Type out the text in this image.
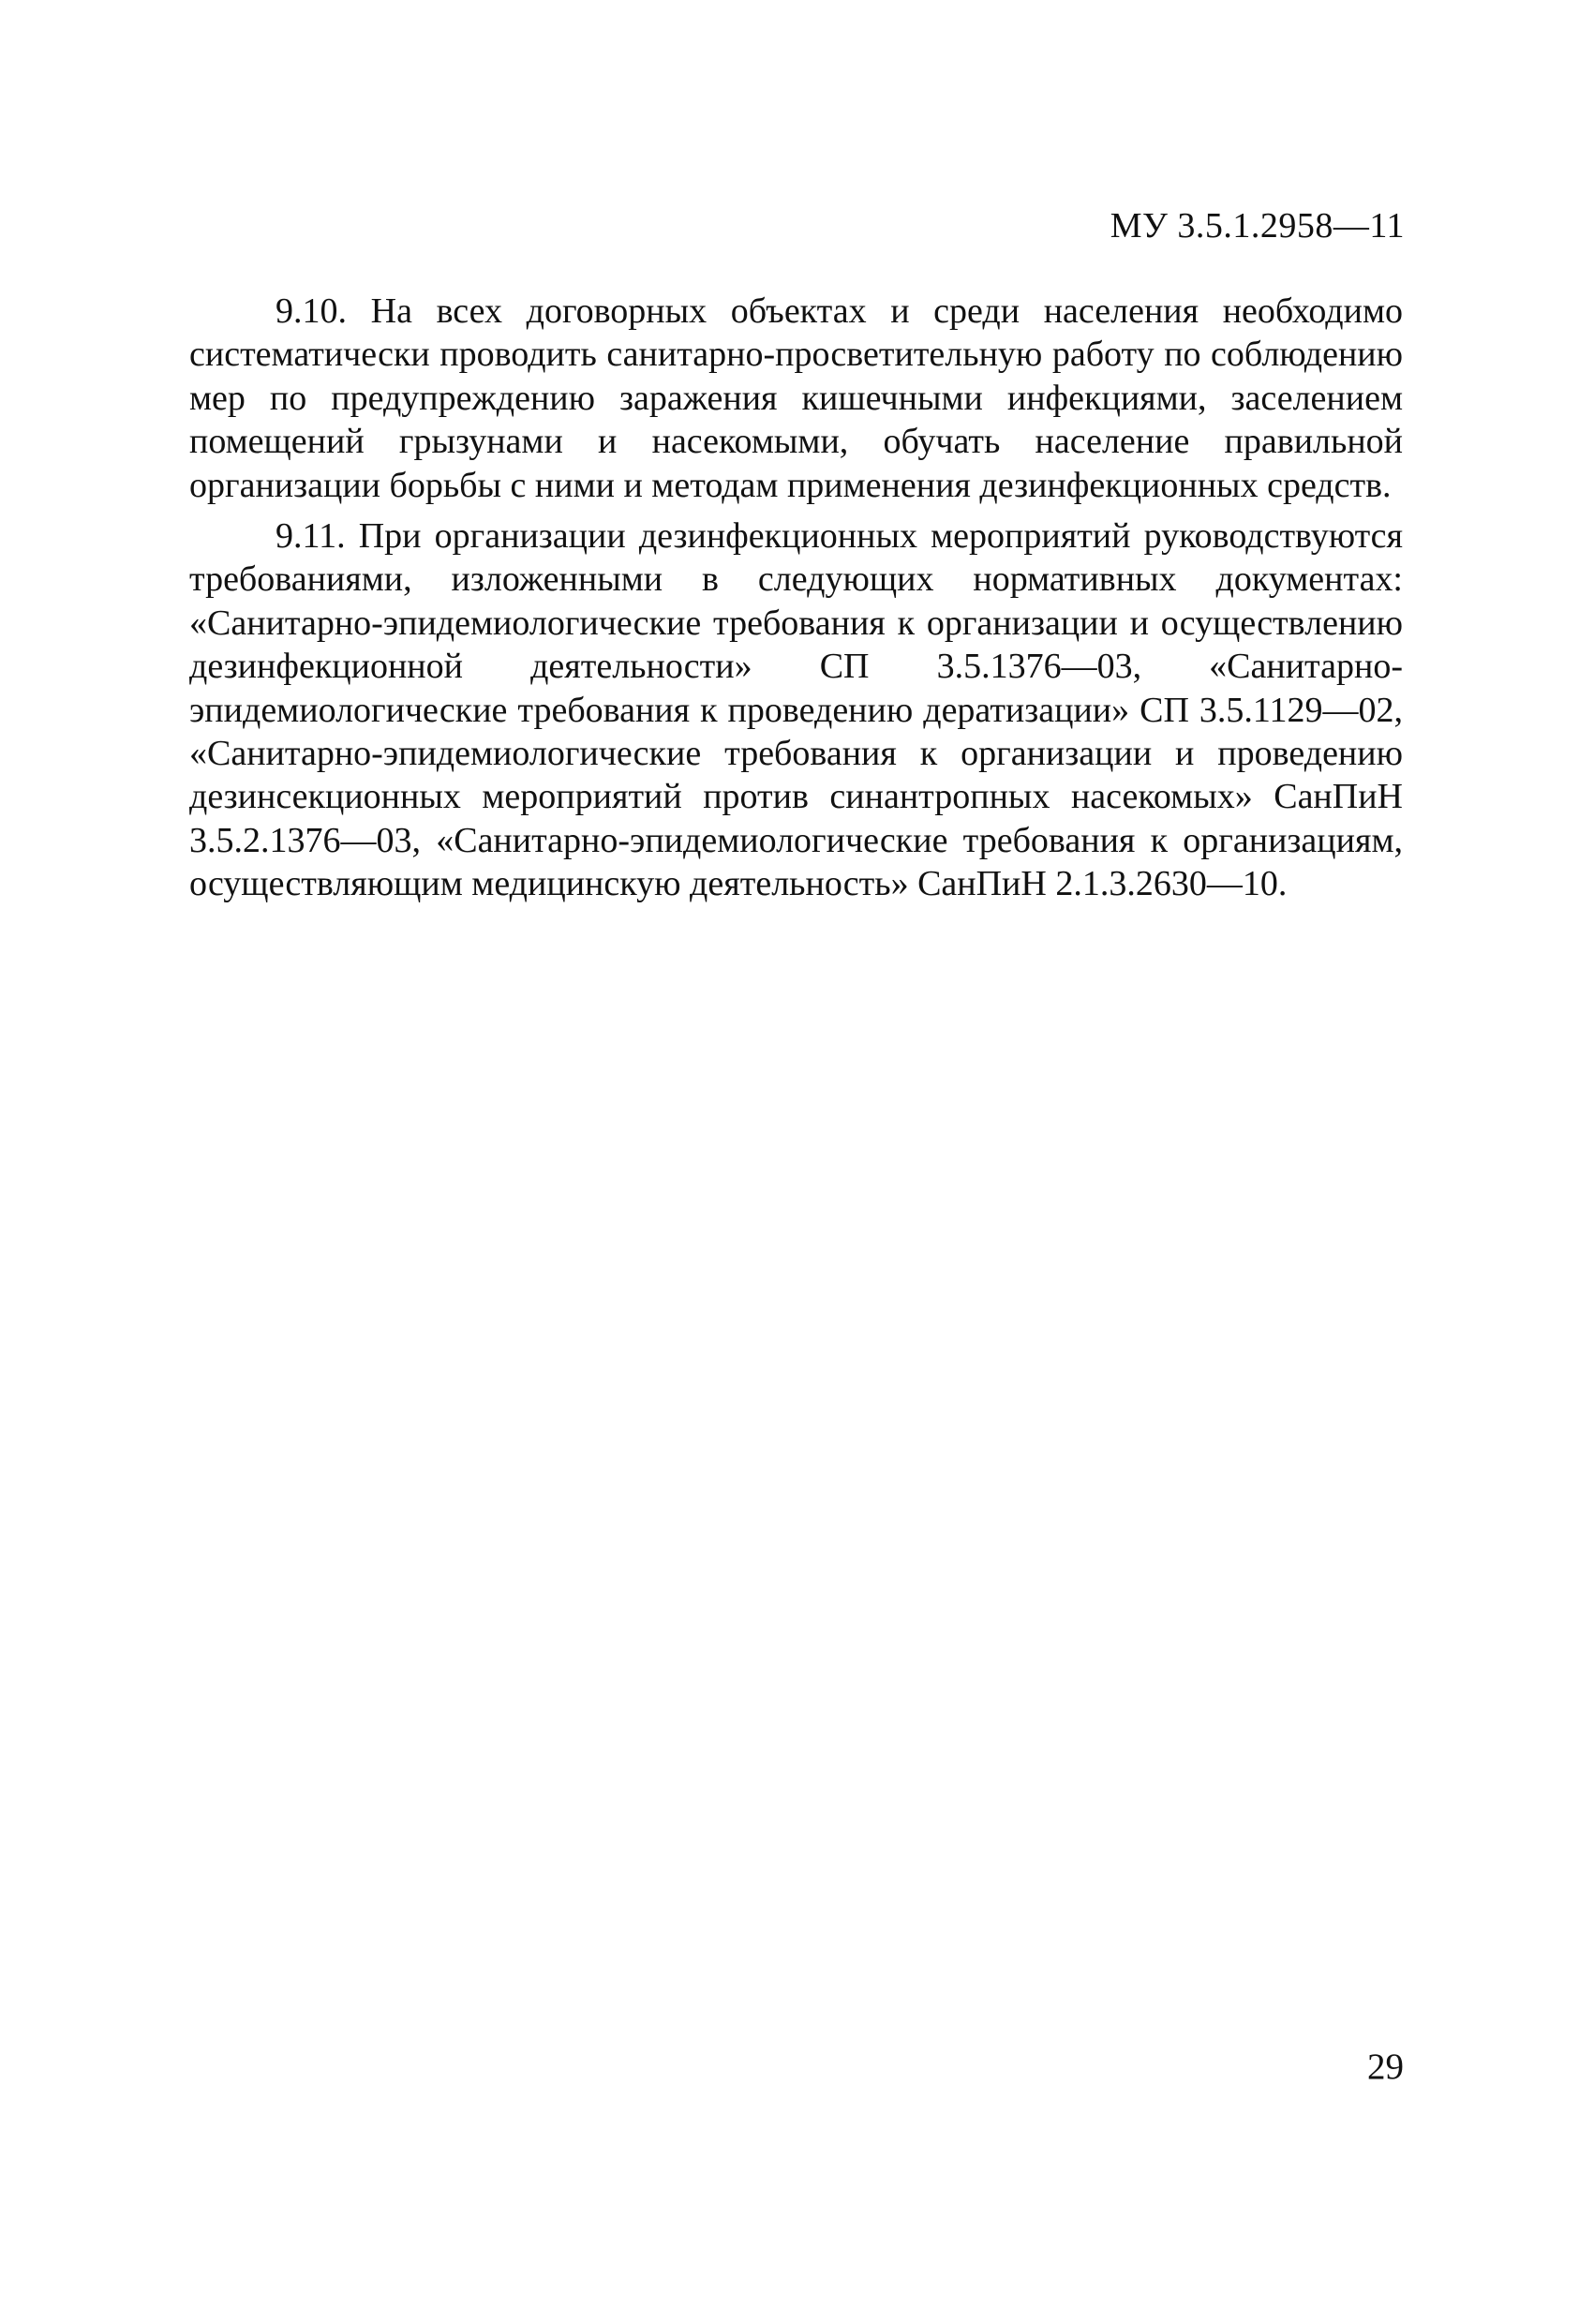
МУ 3.5.1.2958—11

9.10. На всех договорных объектах и среди населения необходимо систематически проводить санитарно-просветительную работу по соблюдению мер по предупреждению заражения кишечными инфекциями, заселением помещений грызунами и насекомыми, обучать население правильной организации борьбы с ними и методам применения дезинфекционных средств.

9.11. При организации дезинфекционных мероприятий руководствуются требованиями, изложенными в следующих нормативных документах: «Санитарно-эпидемиологические требования к организации и осуществлению дезинфекционной деятельности» СП 3.5.1376—03, «Санитарно-эпидемиологические требования к проведению дератизации» СП 3.5.1129—02, «Санитарно-эпидемиологические требования к организации и проведению дезинсекционных мероприятий против синантропных насекомых» СанПиН 3.5.2.1376—03, «Санитарно-эпидемиологические требования к организациям, осуществляющим медицинскую деятельность» СанПиН 2.1.3.2630—10.

29
